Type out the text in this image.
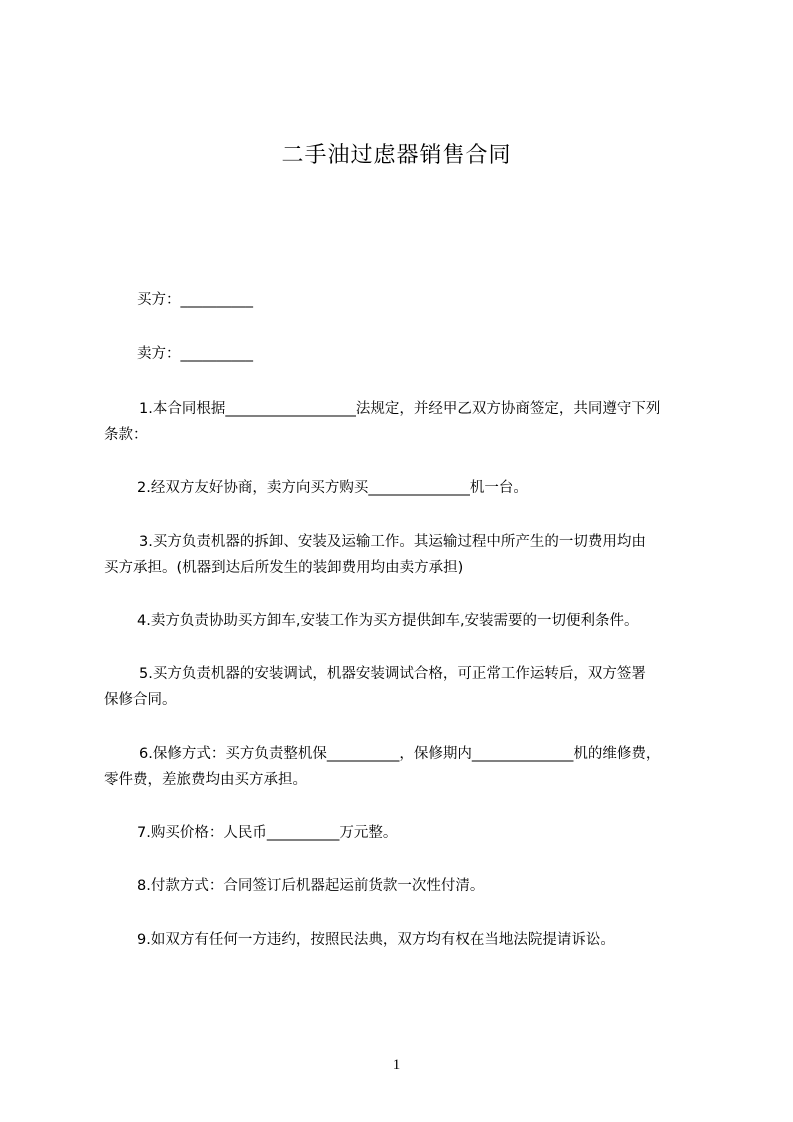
二手油过虑器销售合同
买方：__________
卖方：__________
1.本合同根据__________________法规定，并经甲乙双方协商签定，共同遵守下列
条款：
2.经双方友好协商，卖方向买方购买______________机一台。
3.买方负责机器的拆卸、安装及运输工作。其运输过程中所产生的一切费用均由
买方承担。(机器到达后所发生的装卸费用均由卖方承担)
4.卖方负责协助买方卸车,安装工作为买方提供卸车,安装需要的一切便利条件。
5.买方负责机器的安装调试，机器安装调试合格，可正常工作运转后，双方签署
保修合同。
6.保修方式：买方负责整机保__________，保修期内______________机的维修费，
零件费，差旅费均由买方承担。
7.购买价格：人民币__________万元整。
8.付款方式：合同签订后机器起运前货款一次性付清。
9.如双方有任何一方违约，按照民法典，双方均有权在当地法院提请诉讼。
1
